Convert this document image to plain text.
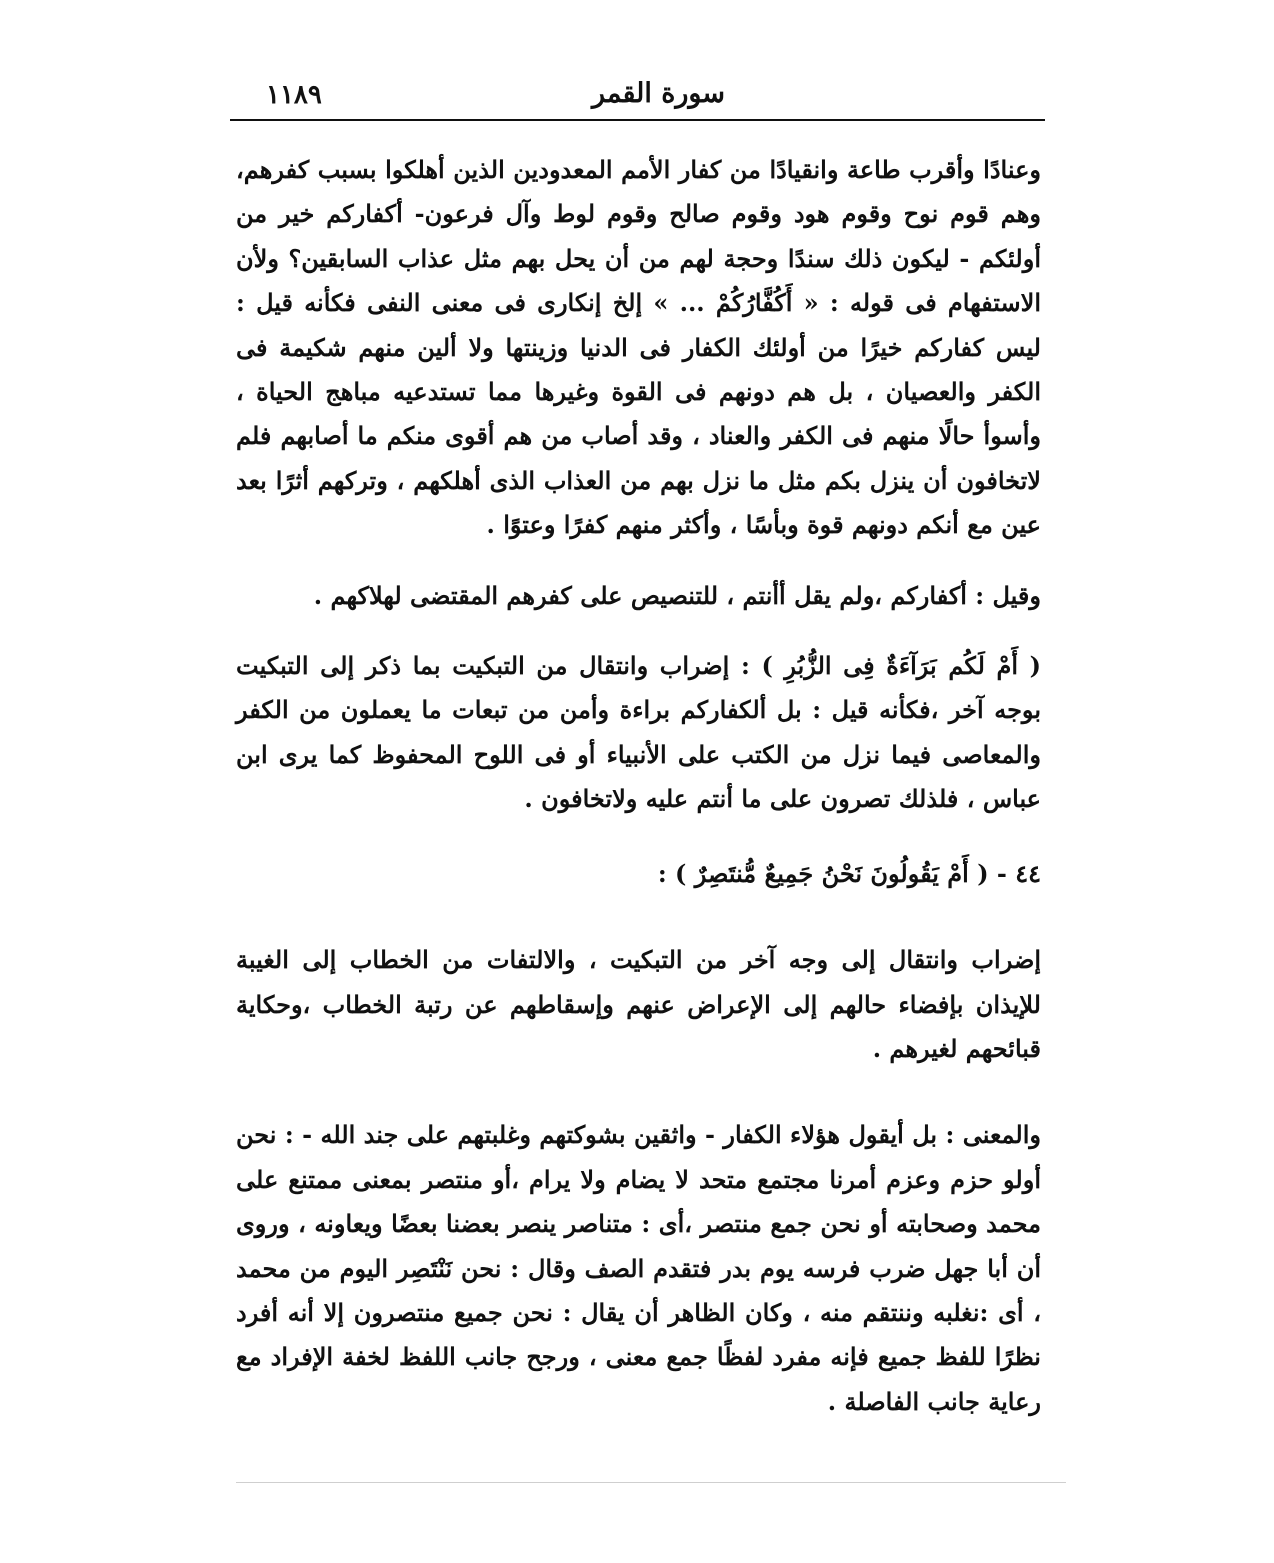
سورة القمر
١١٨٩

وعنادًا وأقرب طاعة وانقيادًا من كفار الأمم المعدودين الذين أهلكوا بسبب كفرهم، وهم قوم نوح وقوم هود وقوم صالح وقوم لوط وآل فرعون- أكفاركم خير من أولئكم - ليكون ذلك سندًا وحجة لهم من أن يحل بهم مثل عذاب السابقين؟ ولأن الاستفهام فى قوله : « أَكُفَّارُكُمْ ... » إلخ إنكارى فى معنى النفى فكأنه قيل : ليس كفاركم خيرًا من أولئك الكفار فى الدنيا وزينتها ولا ألين منهم شكيمة فى الكفر والعصيان ، بل هم دونهم فى القوة وغيرها مما تستدعيه مباهج الحياة ، وأسوأ حالًا منهم فى الكفر والعناد ، وقد أصاب من هم أقوى منكم ما أصابهم فلم لاتخافون أن ينزل بكم مثل ما نزل بهم من العذاب الذى أهلكهم ، وتركهم أثرًا بعد عين مع أنكم دونهم قوة وبأسًا ، وأكثر منهم كفرًا وعتوًا .

وقيل : أكفاركم ،ولم يقل أأنتم ، للتنصيص على كفرهم المقتضى لهلاكهم .

( أَمْ لَكُم بَرَآءَةٌ فِى الزُّبُرِ ) : إضراب وانتقال من التبكيت بما ذكر إلى التبكيت بوجه آخر ،فكأنه قيل : بل ألكفاركم براءة وأمن من تبعات ما يعملون من الكفر والمعاصى فيما نزل من الكتب على الأنبياء أو فى اللوح المحفوظ كما يرى ابن عباس ، فلذلك تصرون على ما أنتم عليه ولاتخافون .

٤٤ - ( أَمْ يَقُولُونَ نَحْنُ جَمِيعٌ مُّنتَصِرٌ ) :

إضراب وانتقال إلى وجه آخر من التبكيت ، والالتفات من الخطاب إلى الغيبة للإيذان بإفضاء حالهم إلى الإعراض عنهم وإسقاطهم عن رتبة الخطاب ،وحكاية قبائحهم لغيرهم .

والمعنى : بل أيقول هؤلاء الكفار - واثقين بشوكتهم وغلبتهم على جند الله - : نحن أولو حزم وعزم أمرنا مجتمع متحد لا يضام ولا يرام ،أو منتصر بمعنى ممتنع على محمد وصحابته أو نحن جمع منتصر ،أى : متناصر ينصر بعضنا بعضًا ويعاونه ، وروى أن أبا جهل ضرب فرسه يوم بدر فتقدم الصف وقال : نحن نَنْتَصِر اليوم من محمد ، أى :نغلبه وننتقم منه ، وكان الظاهر أن يقال : نحن جميع منتصرون إلا أنه أفرد نظرًا للفظ جميع فإنه مفرد لفظًا جمع معنى ، ورجح جانب اللفظ لخفة الإفراد مع رعاية جانب الفاصلة .
